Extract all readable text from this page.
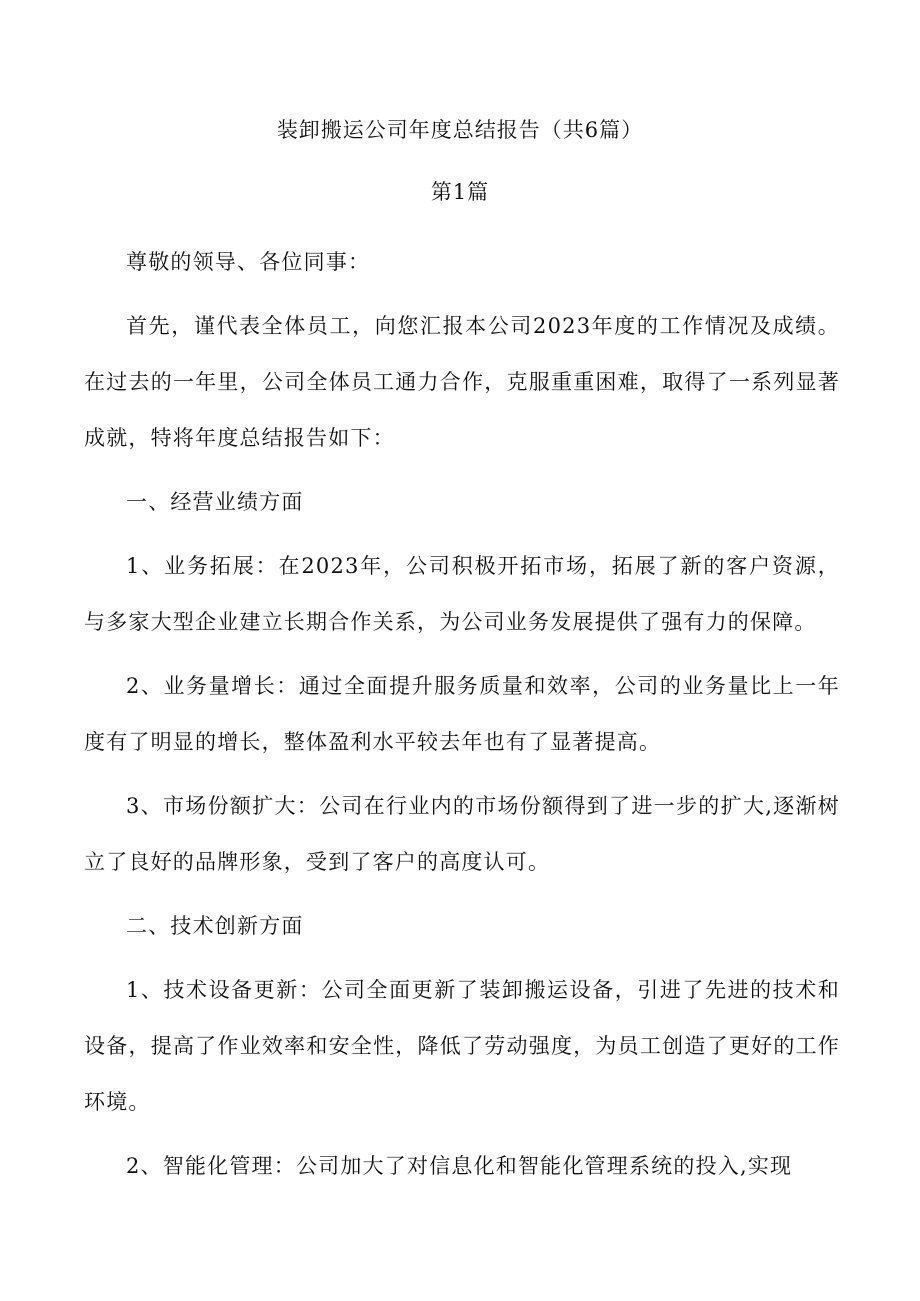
装卸搬运公司年度总结报告（共6篇）
第1篇

尊敬的领导、各位同事：

首先，谨代表全体员工，向您汇报本公司2023年度的工作情况及成绩。在过去的一年里，公司全体员工通力合作，克服重重困难，取得了一系列显著成就，特将年度总结报告如下：

一、经营业绩方面

1、业务拓展：在2023年，公司积极开拓市场，拓展了新的客户资源，与多家大型企业建立长期合作关系，为公司业务发展提供了强有力的保障。

2、业务量增长：通过全面提升服务质量和效率，公司的业务量比上一年度有了明显的增长，整体盈利水平较去年也有了显著提高。

3、市场份额扩大：公司在行业内的市场份额得到了进一步的扩大,逐渐树立了良好的品牌形象，受到了客户的高度认可。

二、技术创新方面

1、技术设备更新：公司全面更新了装卸搬运设备，引进了先进的技术和设备，提高了作业效率和安全性，降低了劳动强度，为员工创造了更好的工作环境。

2、智能化管理：公司加大了对信息化和智能化管理系统的投入,实现
